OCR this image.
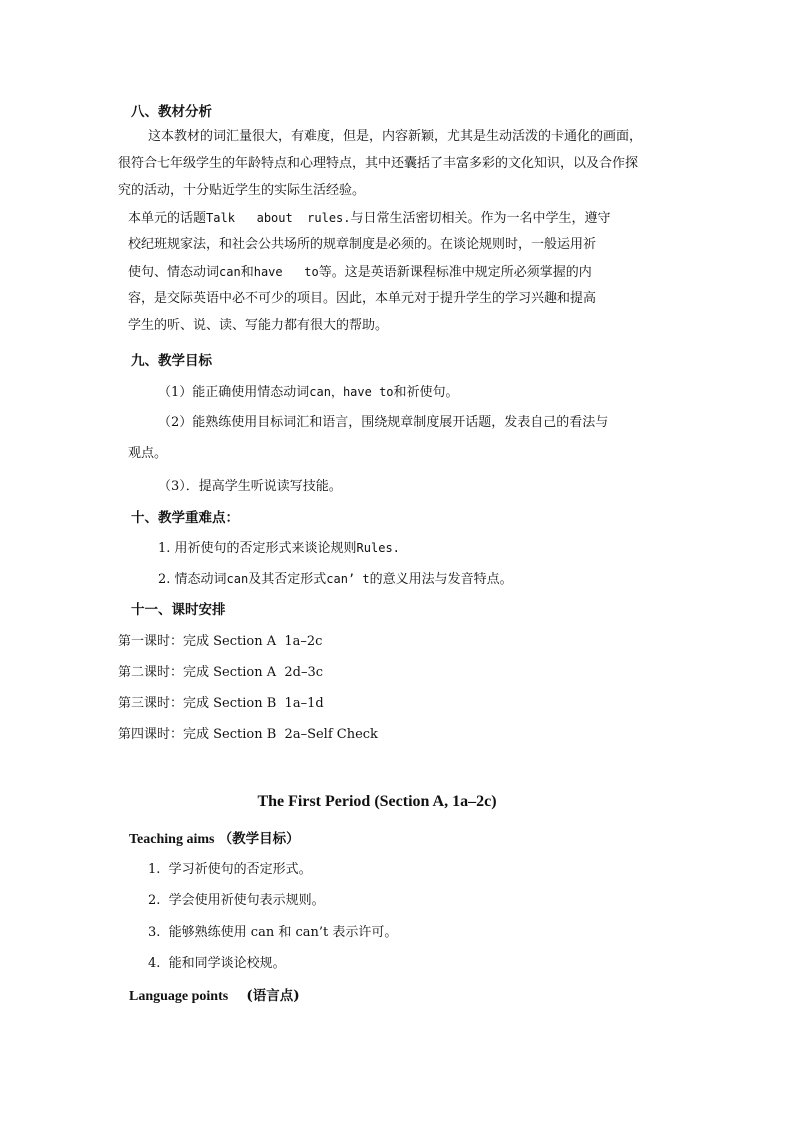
八、教材分析
这本教材的词汇量很大，有难度，但是，内容新颖，尤其是生动活泼的卡通化的画面，
很符合七年级学生的年龄特点和心理特点，其中还囊括了丰富多彩的文化知识，以及合作探
究的活动，十分贴近学生的实际生活经验。
本单元的话题Talk   about  rules.与日常生活密切相关。作为一名中学生，遵守
校纪班规家法，和社会公共场所的规章制度是必须的。在谈论规则时，一般运用祈
使句、情态动词can和have   to等。这是英语新课程标准中规定所必须掌握的内
容，是交际英语中必不可少的项目。因此，本单元对于提升学生的学习兴趣和提高
学生的听、说、读、写能力都有很大的帮助。
九、教学目标
（1）能正确使用情态动词can，have to和祈使句。
（2）能熟练使用目标词汇和语言，围绕规章制度展开话题，发表自己的看法与
观点。
（3）．提高学生听说读写技能。
十、教学重难点：
1. 用祈使句的否定形式来谈论规则Rules.
2. 情态动词can及其否定形式can’ t的意义用法与发音特点。
十一、课时安排
第一课时：完成 Section A  1a–2c
第二课时：完成 Section A  2d–3c
第三课时：完成 Section B  1a–1d
第四课时：完成 Section B  2a–Self Check
The First Period (Section A, 1a–2c)
Teaching aims （教学目标）
1.  学习祈使句的否定形式。
2.  学会使用祈使句表示规则。
3.  能够熟练使用 can 和 can’t 表示许可。
4.  能和同学谈论校规。
Language points (语言点)
